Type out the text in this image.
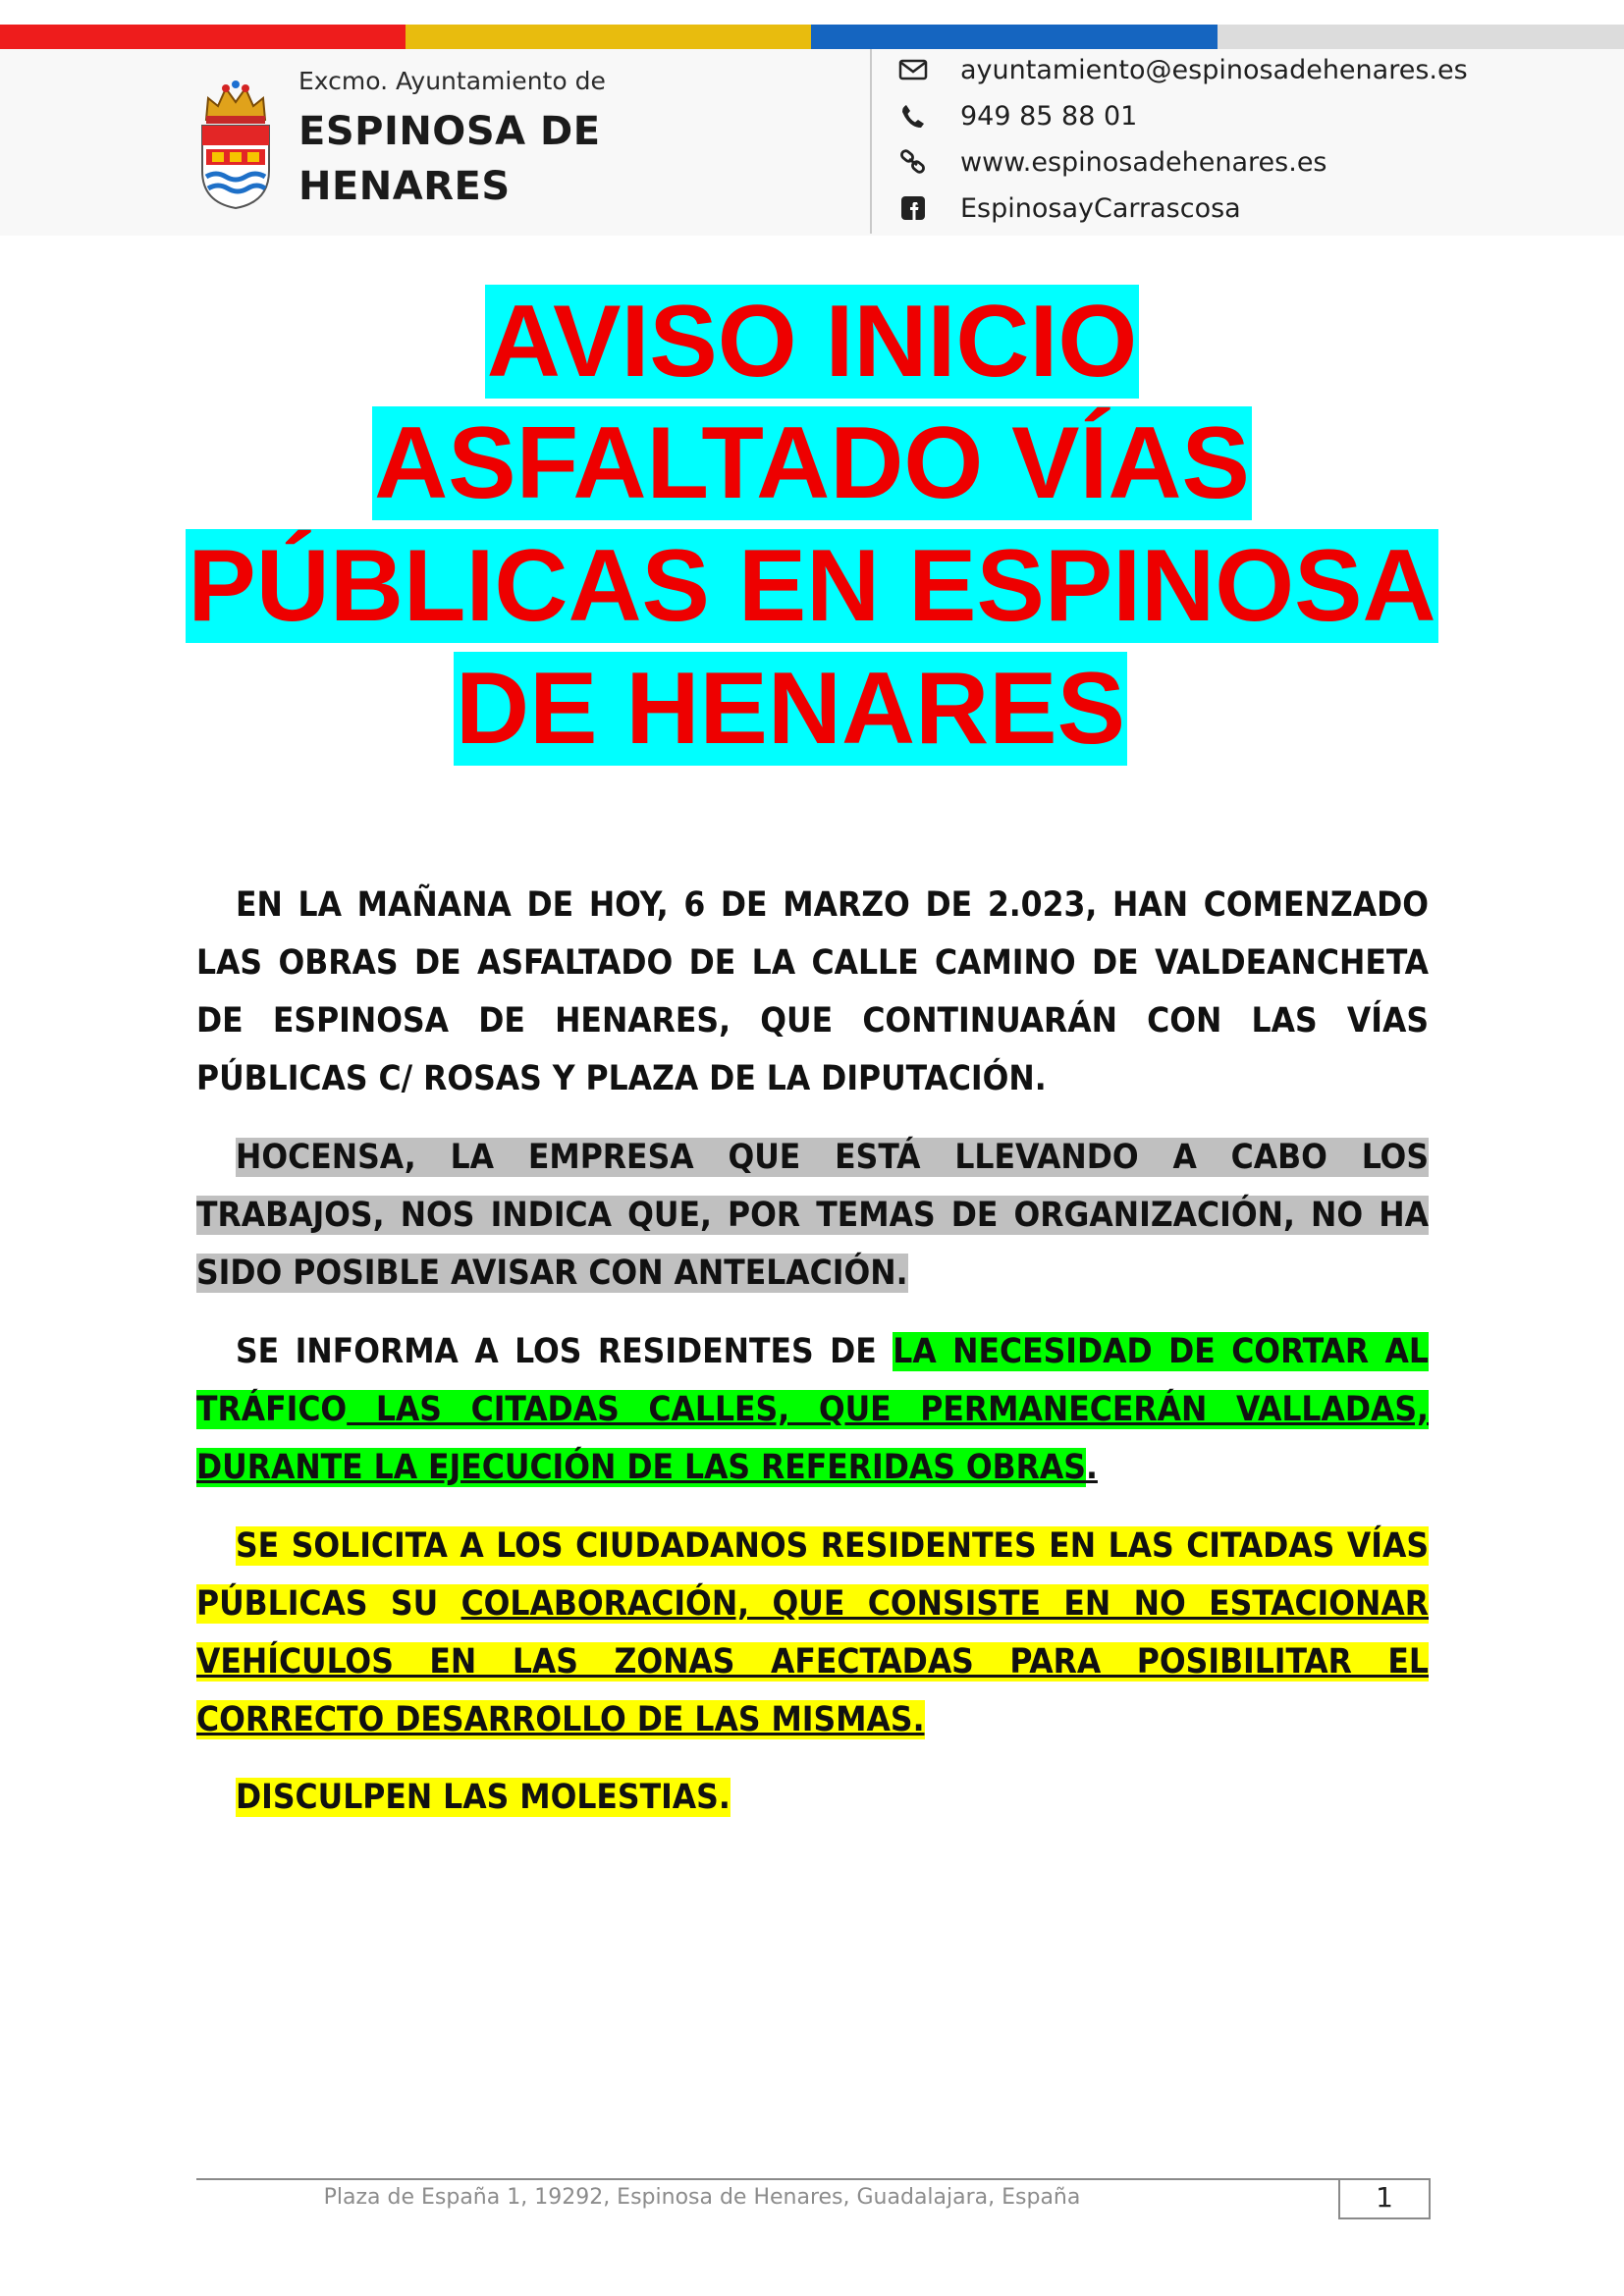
Excmo. Ayuntamiento de
ESPINOSA DE
HENARES
ayuntamiento@espinosadehenares.es
949 85 88 01
www.espinosadehenares.es
EspinosayCarrascosa
AVISO INICIO
ASFALTADO VÍAS
PÚBLICAS EN ESPINOSA
DE HENARES

EN LA MAÑANA DE HOY, 6 DE MARZO DE 2.023, HAN COMENZADO LAS OBRAS DE ASFALTADO DE LA CALLE CAMINO DE VALDEANCHETA DE ESPINOSA DE HENARES, QUE CONTINUARÁN CON LAS VÍAS PÚBLICAS C/ ROSAS Y PLAZA DE LA DIPUTACIÓN.

HOCENSA, LA EMPRESA QUE ESTÁ LLEVANDO A CABO LOS TRABAJOS, NOS INDICA QUE, POR TEMAS DE ORGANIZACIÓN, NO HA SIDO POSIBLE AVISAR CON ANTELACIÓN.

SE INFORMA A LOS RESIDENTES DE LA NECESIDAD DE CORTAR AL TRÁFICO LAS CITADAS CALLES, QUE PERMANECERÁN VALLADAS, DURANTE LA EJECUCIÓN DE LAS REFERIDAS OBRAS.

SE SOLICITA A LOS CIUDADANOS RESIDENTES EN LAS CITADAS VÍAS PÚBLICAS SU COLABORACIÓN, QUE CONSISTE EN NO ESTACIONAR VEHÍCULOS EN LAS ZONAS AFECTADAS PARA POSIBILITAR EL CORRECTO DESARROLLO DE LAS MISMAS.

DISCULPEN LAS MOLESTIAS.

Plaza de España 1, 19292, Espinosa de Henares, Guadalajara, España	1
